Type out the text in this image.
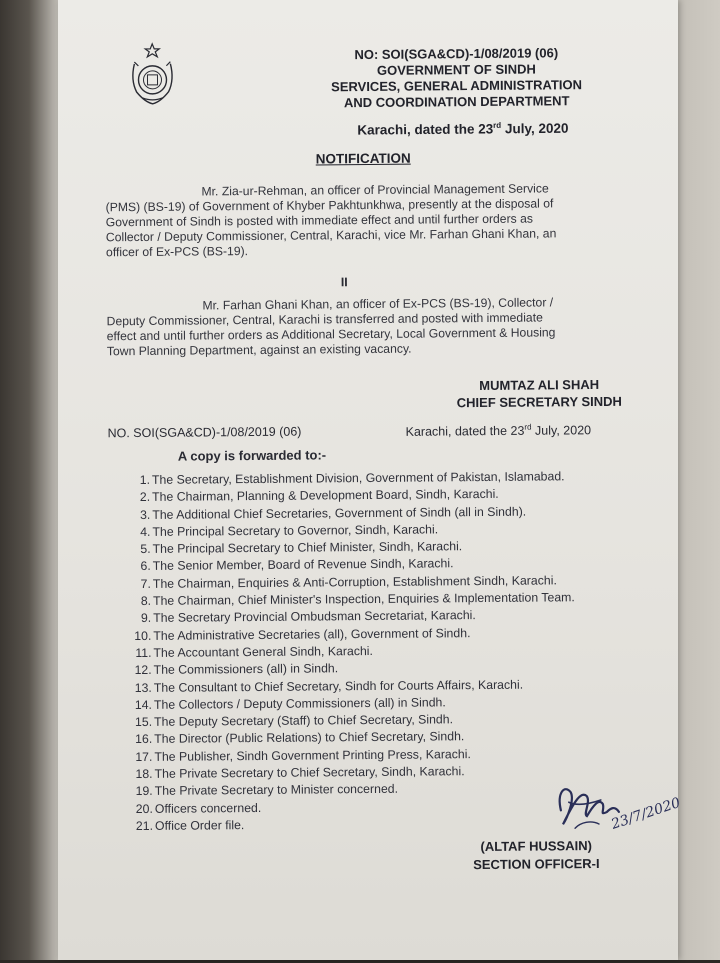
NO: SOI(SGA&CD)-1/08/2019 (06)
GOVERNMENT OF SINDH
SERVICES, GENERAL ADMINISTRATION
AND COORDINATION DEPARTMENT
Karachi, dated the 23rd July, 2020
NOTIFICATION
Mr. Zia-ur-Rehman, an officer of Provincial Management Service
(PMS) (BS-19) of Government of Khyber Pakhtunkhwa, presently at the disposal of
Government of Sindh is posted with immediate effect and until further orders as
Collector / Deputy Commissioner, Central, Karachi, vice Mr. Farhan Ghani Khan, an
officer of Ex-PCS (BS-19).
II
Mr. Farhan Ghani Khan, an officer of Ex-PCS (BS-19), Collector /
Deputy Commissioner, Central, Karachi is transferred and posted with immediate
effect and until further orders as Additional Secretary, Local Government & Housing
Town Planning Department, against an existing vacancy.
MUMTAZ ALI SHAH
CHIEF SECRETARY SINDH
NO. SOI(SGA&CD)-1/08/2019 (06)	Karachi, dated the 23rd July, 2020
A copy is forwarded to:-
1. The Secretary, Establishment Division, Government of Pakistan, Islamabad.
2. The Chairman, Planning & Development Board, Sindh, Karachi.
3. The Additional Chief Secretaries, Government of Sindh (all in Sindh).
4. The Principal Secretary to Governor, Sindh, Karachi.
5. The Principal Secretary to Chief Minister, Sindh, Karachi.
6. The Senior Member, Board of Revenue Sindh, Karachi.
7. The Chairman, Enquiries & Anti-Corruption, Establishment Sindh, Karachi.
8. The Chairman, Chief Minister's Inspection, Enquiries & Implementation Team.
9. The Secretary Provincial Ombudsman Secretariat, Karachi.
10. The Administrative Secretaries (all), Government of Sindh.
11. The Accountant General Sindh, Karachi.
12. The Commissioners (all) in Sindh.
13. The Consultant to Chief Secretary, Sindh for Courts Affairs, Karachi.
14. The Collectors / Deputy Commissioners (all) in Sindh.
15. The Deputy Secretary (Staff) to Chief Secretary, Sindh.
16. The Director (Public Relations) to Chief Secretary, Sindh.
17. The Publisher, Sindh Government Printing Press, Karachi.
18. The Private Secretary to Chief Secretary, Sindh, Karachi.
19. The Private Secretary to Minister concerned.
20. Officers concerned.
21. Office Order file.	23/7/2020
(ALTAF HUSSAIN)
SECTION OFFICER-I
